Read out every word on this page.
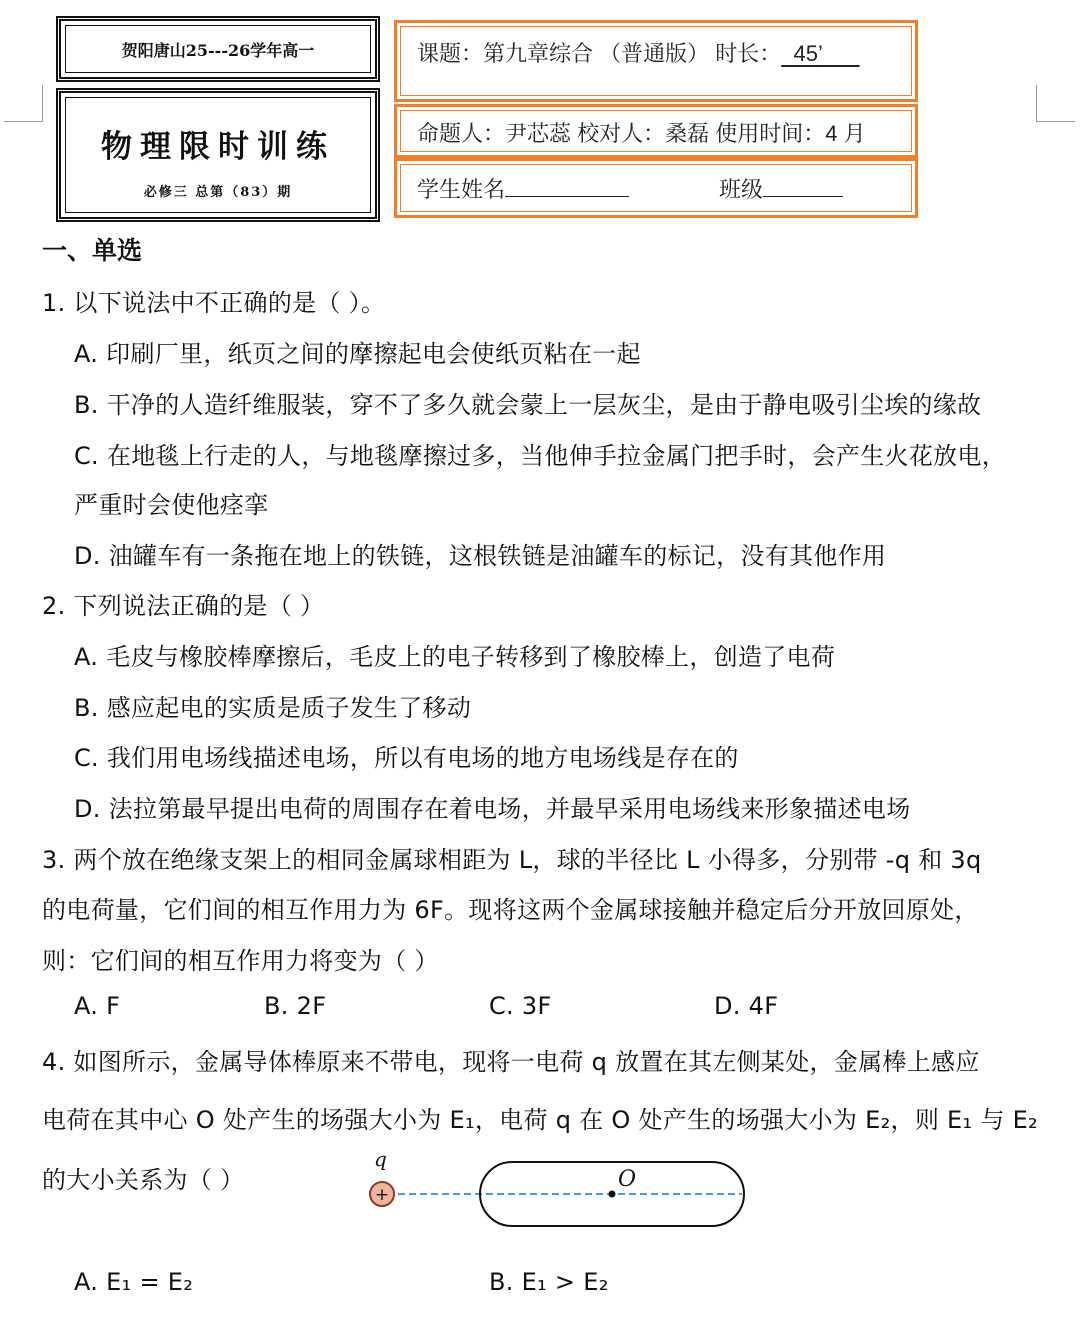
贺阳唐山25---26学年高一
物理限时训练
必修三 总第（83）期
课题：第九章综合 （普通版） 时长： 45’
命题人：尹芯蕊 校对人：桑磊 使用时间：4 月
学生姓名	班级
一、单选
1. 以下说法中不正确的是（ ）。
A. 印刷厂里，纸页之间的摩擦起电会使纸页粘在一起
B. 干净的人造纤维服装，穿不了多久就会蒙上一层灰尘，是由于静电吸引尘埃的缘故
C. 在地毯上行走的人，与地毯摩擦过多，当他伸手拉金属门把手时，会产生火花放电，
严重时会使他痉挛
D. 油罐车有一条拖在地上的铁链，这根铁链是油罐车的标记，没有其他作用
2. 下列说法正确的是（ ）
A. 毛皮与橡胶棒摩擦后，毛皮上的电子转移到了橡胶棒上，创造了电荷
B. 感应起电的实质是质子发生了移动
C. 我们用电场线描述电场，所以有电场的地方电场线是存在的
D. 法拉第最早提出电荷的周围存在着电场，并最早采用电场线来形象描述电场
3. 两个放在绝缘支架上的相同金属球相距为 L，球的半径比 L 小得多，分别带 -q 和 3q
的电荷量，它们间的相互作用力为 6F。现将这两个金属球接触并稳定后分开放回原处，
则：它们间的相互作用力将变为（ ）
A. F	B. 2F	C. 3F	D. 4F
4. 如图所示，金属导体棒原来不带电，现将一电荷 q 放置在其左侧某处，金属棒上感应
电荷在其中心 O 处产生的场强大小为 E₁，电荷 q 在 O 处产生的场强大小为 E₂，则 E₁ 与 E₂
的大小关系为（ ）
q
+
O
A. E₁ = E₂	B. E₁ > E₂
